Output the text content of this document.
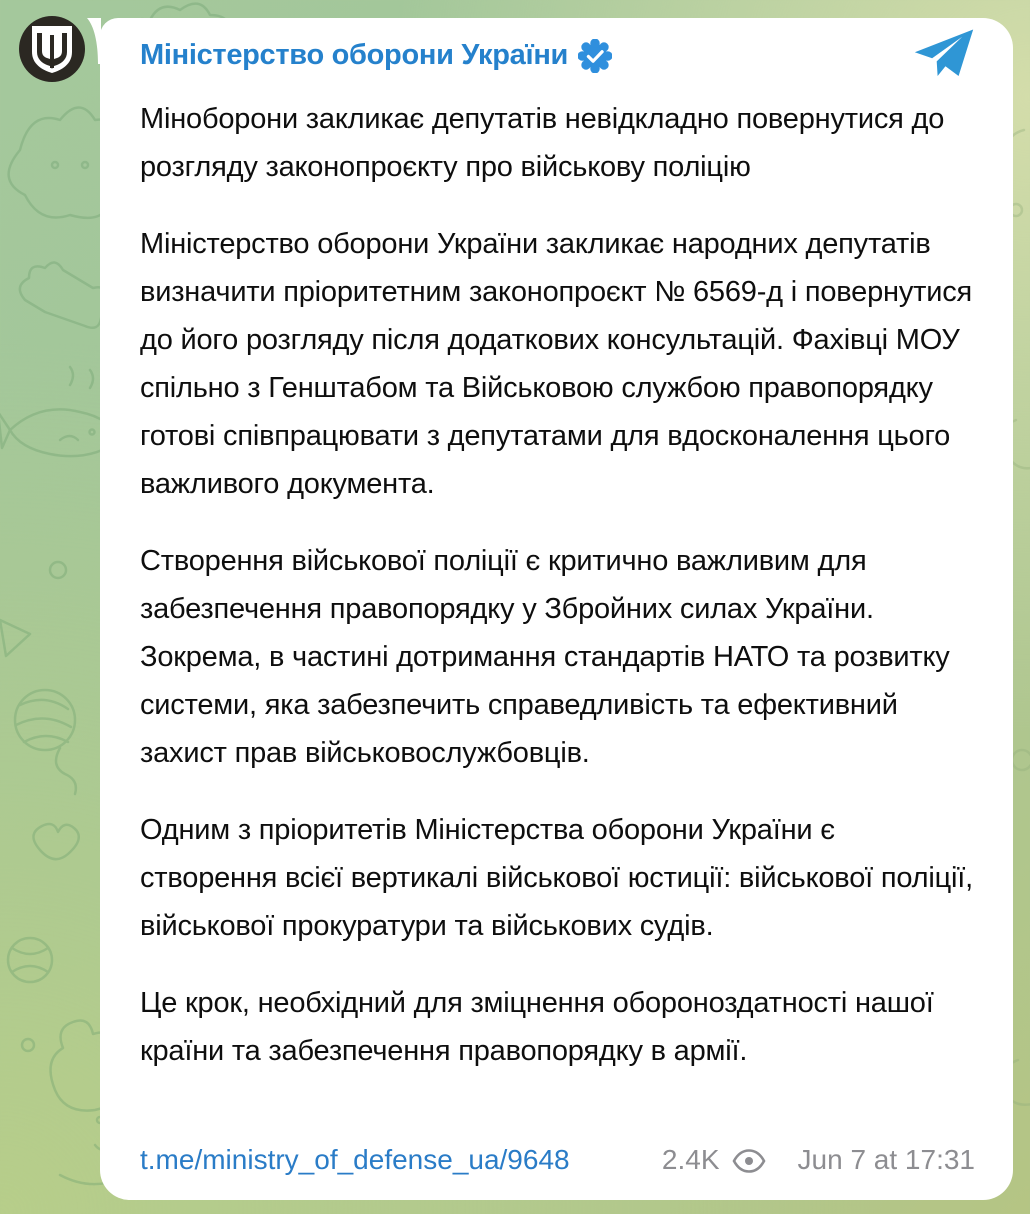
Міністерство оборони України

Міноборони закликає депутатів невідкладно повернутися до розгляду законопроєкту про військову поліцію

Міністерство оборони України закликає народних депутатів визначити пріоритетним законопроєкт № 6569-д і повернутися до його розгляду після додаткових консультацій. Фахівці МОУ спільно з Генштабом та Військовою службою правопорядку готові співпрацювати з депутатами для вдосконалення цього важливого документа.

Створення військової поліції є критично важливим для забезпечення правопорядку у Збройних силах України. Зокрема, в частині дотримання стандартів НАТО та розвитку системи, яка забезпечить справедливість та ефективний захист прав військовослужбовців.

Одним з пріоритетів Міністерства оборони України є створення всієї вертикалі військової юстиції: військової поліції, військової прокуратури та військових судів.

Це крок, необхідний для зміцнення обороноздатності нашої країни та забезпечення правопорядку в армії.

t.me/ministry_of_defense_ua/9648	2.4K	Jun 7 at 17:31
